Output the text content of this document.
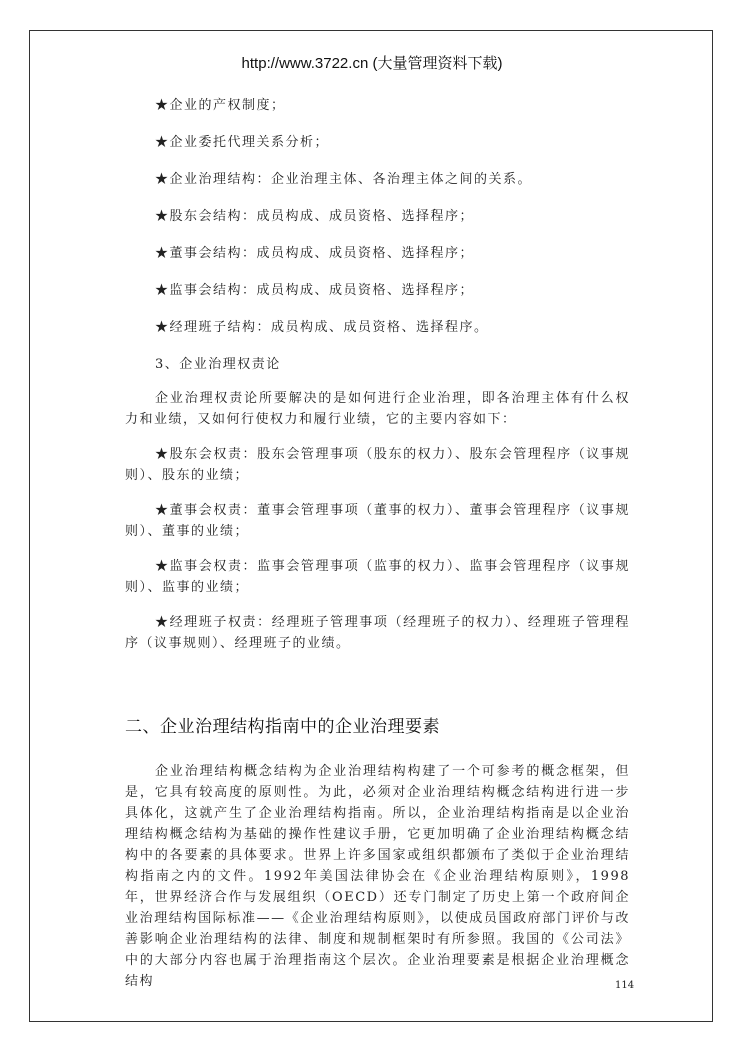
http://www.3722.cn (大量管理资料下载)
★企业的产权制度；
★企业委托代理关系分析；
★企业治理结构：企业治理主体、各治理主体之间的关系。
★股东会结构：成员构成、成员资格、选择程序；
★董事会结构：成员构成、成员资格、选择程序；
★监事会结构：成员构成、成员资格、选择程序；
★经理班子结构：成员构成、成员资格、选择程序。
3、企业治理权责论
企业治理权责论所要解决的是如何进行企业治理，即各治理主体有什么权力和业绩，又如何行使权力和履行业绩，它的主要内容如下：
★股东会权责：股东会管理事项（股东的权力）、股东会管理程序（议事规则）、股东的业绩；
★董事会权责：董事会管理事项（董事的权力）、董事会管理程序（议事规则）、董事的业绩；
★监事会权责：监事会管理事项（监事的权力）、监事会管理程序（议事规则）、监事的业绩；
★经理班子权责：经理班子管理事项（经理班子的权力）、经理班子管理程序（议事规则）、经理班子的业绩。
二、企业治理结构指南中的企业治理要素
企业治理结构概念结构为企业治理结构构建了一个可参考的概念框架，但是，它具有较高度的原则性。为此，必须对企业治理结构概念结构进行进一步具体化，这就产生了企业治理结构指南。所以，企业治理结构指南是以企业治理结构概念结构为基础的操作性建议手册，它更加明确了企业治理结构概念结构中的各要素的具体要求。世界上许多国家或组织都颁布了类似于企业治理结构指南之内的文件。1992年美国法律协会在《企业治理结构原则》，1998年，世界经济合作与发展组织（OECD）还专门制定了历史上第一个政府间企业治理结构国际标准——《企业治理结构原则》，以使成员国政府部门评价与改善影响企业治理结构的法律、制度和规制框架时有所参照。我国的《公司法》中的大部分内容也属于治理指南这个层次。企业治理要素是根据企业治理概念结构	114
